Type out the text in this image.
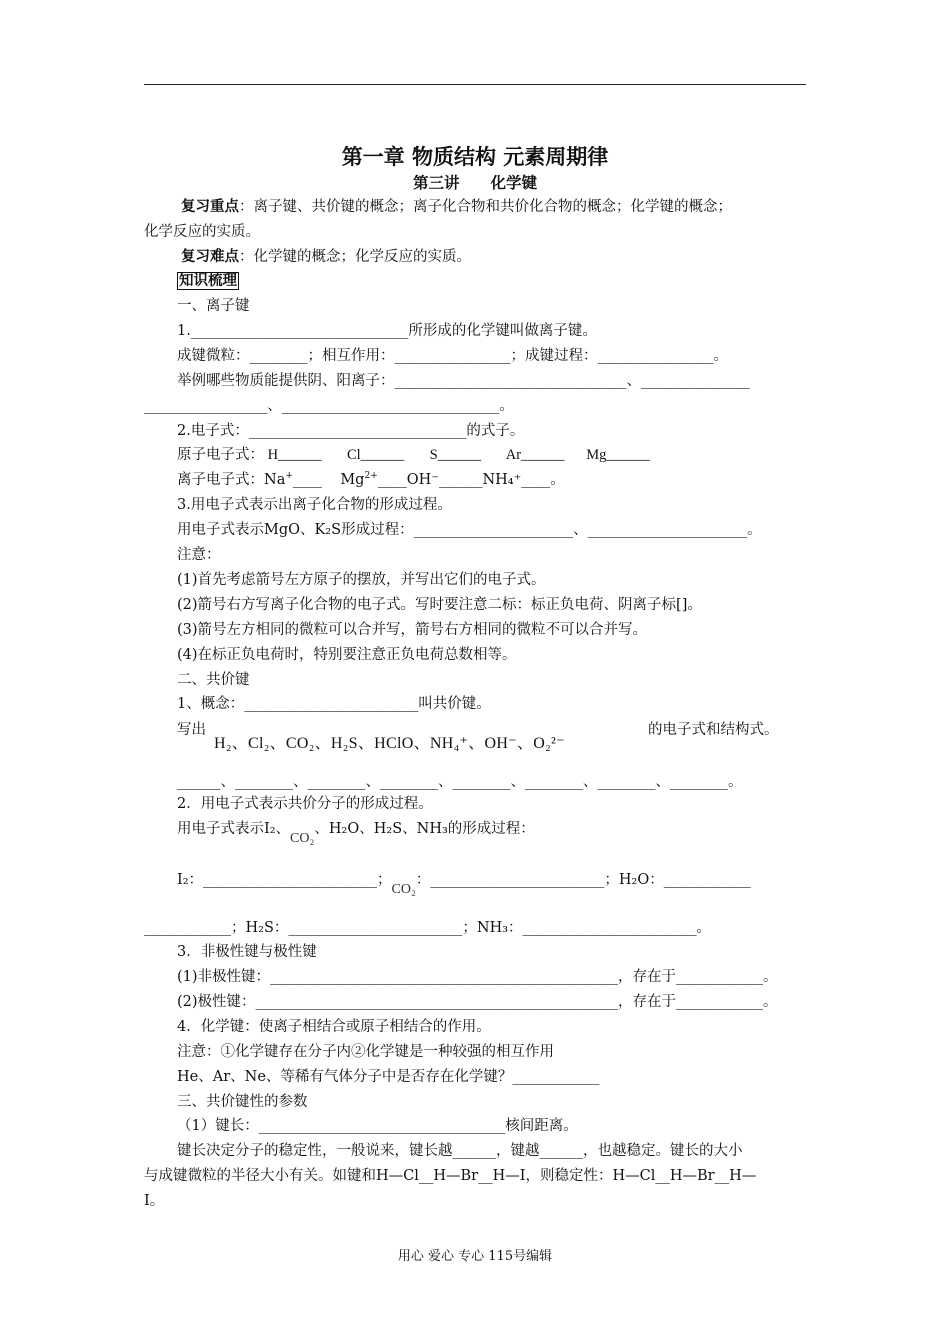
第一章 物质结构 元素周期律
第三讲　　化学键
复习重点：离子键、共价键的概念；离子化合物和共价化合物的概念；化学键的概念；
化学反应的实质。
复习难点：化学键的概念；化学反应的实质。
知识梳理
一、离子键
1.______________________________所形成的化学键叫做离子键。
成键微粒：________；相互作用：________________；成键过程：________________。
举例哪些物质能提供阴、阳离子：________________________________、_______________
_________________、______________________________。
2.电子式：______________________________的式子。
原子电子式： H______ Cl______ S______ Ar______ Mg______
离子电子式：Na+____ $Mg^{2+}\_\_\_\_OH^-\_\_\_\_\_\_NH_4^+\_\_\_\_$。
3.用电子式表示出离子化合物的形成过程。
用电子式表示MgO、K₂S形成过程：______________________、______________________。
注意：
(1)首先考虑箭号左方原子的摆放，并写出它们的电子式。
(2)箭号右方写离子化合物的电子式。写时要注意二标：标正负电荷、阴离子标[]。
(3)箭号左方相同的微粒可以合并写，箭号右方相同的微粒不可以合并写。
(4)在标正负电荷时，特别要注意正负电荷总数相等。
二、共价键
1、概念：________________________叫共价键。
写出
H₂、Cl₂、CO₂、H₂S、HClO、NH₄⁺、OH⁻、O₂²⁻
的电子式和结构式。
______、________、________、________、________、________、________、________。
2．用电子式表示共价分子的形成过程。
用电子式表示I₂、CO₂、H₂O、H₂S、NH₃的形成过程：
I₂：________________________；CO₂：________________________；H₂O：____________
____________；H₂S：________________________；NH₃：________________________。
3．非极性键与极性键
(1)非极性键：________________________________________________，存在于____________。
(2)极性键：__________________________________________________，存在于____________。
4．化学键：使离子相结合或原子相结合的作用。
注意：①化学键存在分子内②化学键是一种较强的相互作用
He、Ar、Ne、等稀有气体分子中是否存在化学键？____________
三、共价键性的参数
（1）键长：__________________________________核间距离。
键长决定分子的稳定性，一般说来，键长越______，键越______，也越稳定。键长的大小
与成键微粒的半径大小有关。如键和H—Cl__H—Br__H—I，则稳定性：H—Cl__H—Br__H—
I。
用心 爱心 专心 115号编辑
